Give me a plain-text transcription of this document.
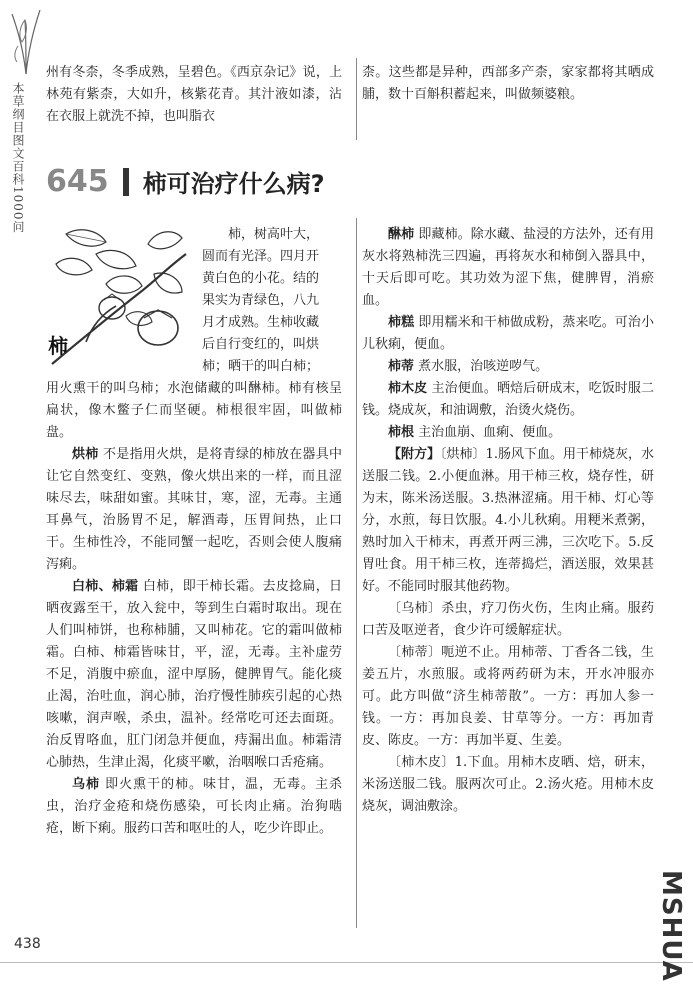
本草纲目图文百科1000问

州有冬柰，冬季成熟，呈碧色。《西京杂记》说，上林苑有紫柰，大如升，核紫花青。其汁液如漆，沾在衣服上就洗不掉，也叫脂衣

柰。这些都是异种，西部多产柰，家家都将其晒成脯，数十百斛积蓄起来，叫做频婆粮。

645 柿可治疗什么病?
柿

柿，树高叶大，

圆而有光泽。四月开

黄白色的小花。结的

果实为青绿色，八九

月才成熟。生柿收藏

后自行变红的，叫烘

柿；晒干的叫白柿；

用火熏干的叫乌柿；水泡储藏的叫醂柿。柿有核呈扁状，像木鳖子仁而坚硬。柿根很牢固，叫做柿盘。

烘柿 不是指用火烘，是将青绿的柿放在器具中让它自然变红、变熟，像火烘出来的一样，而且涩味尽去，味甜如蜜。其味甘，寒，涩，无毒。主通耳鼻气，治肠胃不足，解酒毒，压胃间热，止口干。生柿性冷，不能同蟹一起吃，否则会使人腹痛泻痢。

白柿、柿霜 白柿，即干柿长霜。去皮捻扁，日晒夜露至干，放入瓮中，等到生白霜时取出。现在人们叫柿饼，也称柿脯，又叫柿花。它的霜叫做柿霜。白柿、柿霜皆味甘，平，涩，无毒。主补虚劳不足，消腹中瘀血，涩中厚肠，健脾胃气。能化痰止渴，治吐血，润心肺，治疗慢性肺疾引起的心热咳嗽，润声喉，杀虫，温补。经常吃可还去面斑。治反胃咯血，肛门闭急并便血，痔漏出血。柿霜清心肺热，生津止渴，化痰平嗽，治咽喉口舌疮痛。

乌柿 即火熏干的柿。味甘，温，无毒。主杀虫，治疗金疮和烧伤感染，可长肉止痛。治狗啮疮，断下痢。服药口苦和呕吐的人，吃少许即止。

醂柿 即藏柿。除水藏、盐浸的方法外，还有用灰水将熟柿洗三四遍，再将灰水和柿倒入器具中，十天后即可吃。其功效为涩下焦，健脾胃，消瘀血。

柿糕 即用糯米和干柿做成粉，蒸来吃。可治小儿秋痢，便血。

柿蒂 煮水服，治咳逆哕气。

柿木皮 主治便血。晒焙后研成末，吃饭时服二钱。烧成灰，和油调敷，治烫火烧伤。

柿根 主治血崩、血痢、便血。

【附方】〔烘柿〕1.肠风下血。用干柿烧灰，水送服二钱。2.小便血淋。用干柿三枚，烧存性，研为末，陈米汤送服。3.热淋涩痛。用干柿、灯心等分，水煎，每日饮服。4.小儿秋痢。用粳米煮粥，熟时加入干柿末，再煮开两三沸，三次吃下。5.反胃吐食。用干柿三枚，连蒂捣烂，酒送服，效果甚好。不能同时服其他药物。

〔乌柿〕杀虫，疗刀伤火伤，生肉止痛。服药口苦及呕逆者，食少许可缓解症状。

〔柿蒂〕呃逆不止。用柿蒂、丁香各二钱，生姜五片，水煎服。或将两药研为末，开水冲服亦可。此方叫做“济生柿蒂散”。一方：再加人参一钱。一方：再加良姜、甘草等分。一方：再加青皮、陈皮。一方：再加半夏、生姜。

〔柿木皮〕1.下血。用柿木皮晒、焙，研末，米汤送服二钱。服两次可止。2.汤火疮。用柿木皮烧灰，调油敷涂。

438	MSHUA
